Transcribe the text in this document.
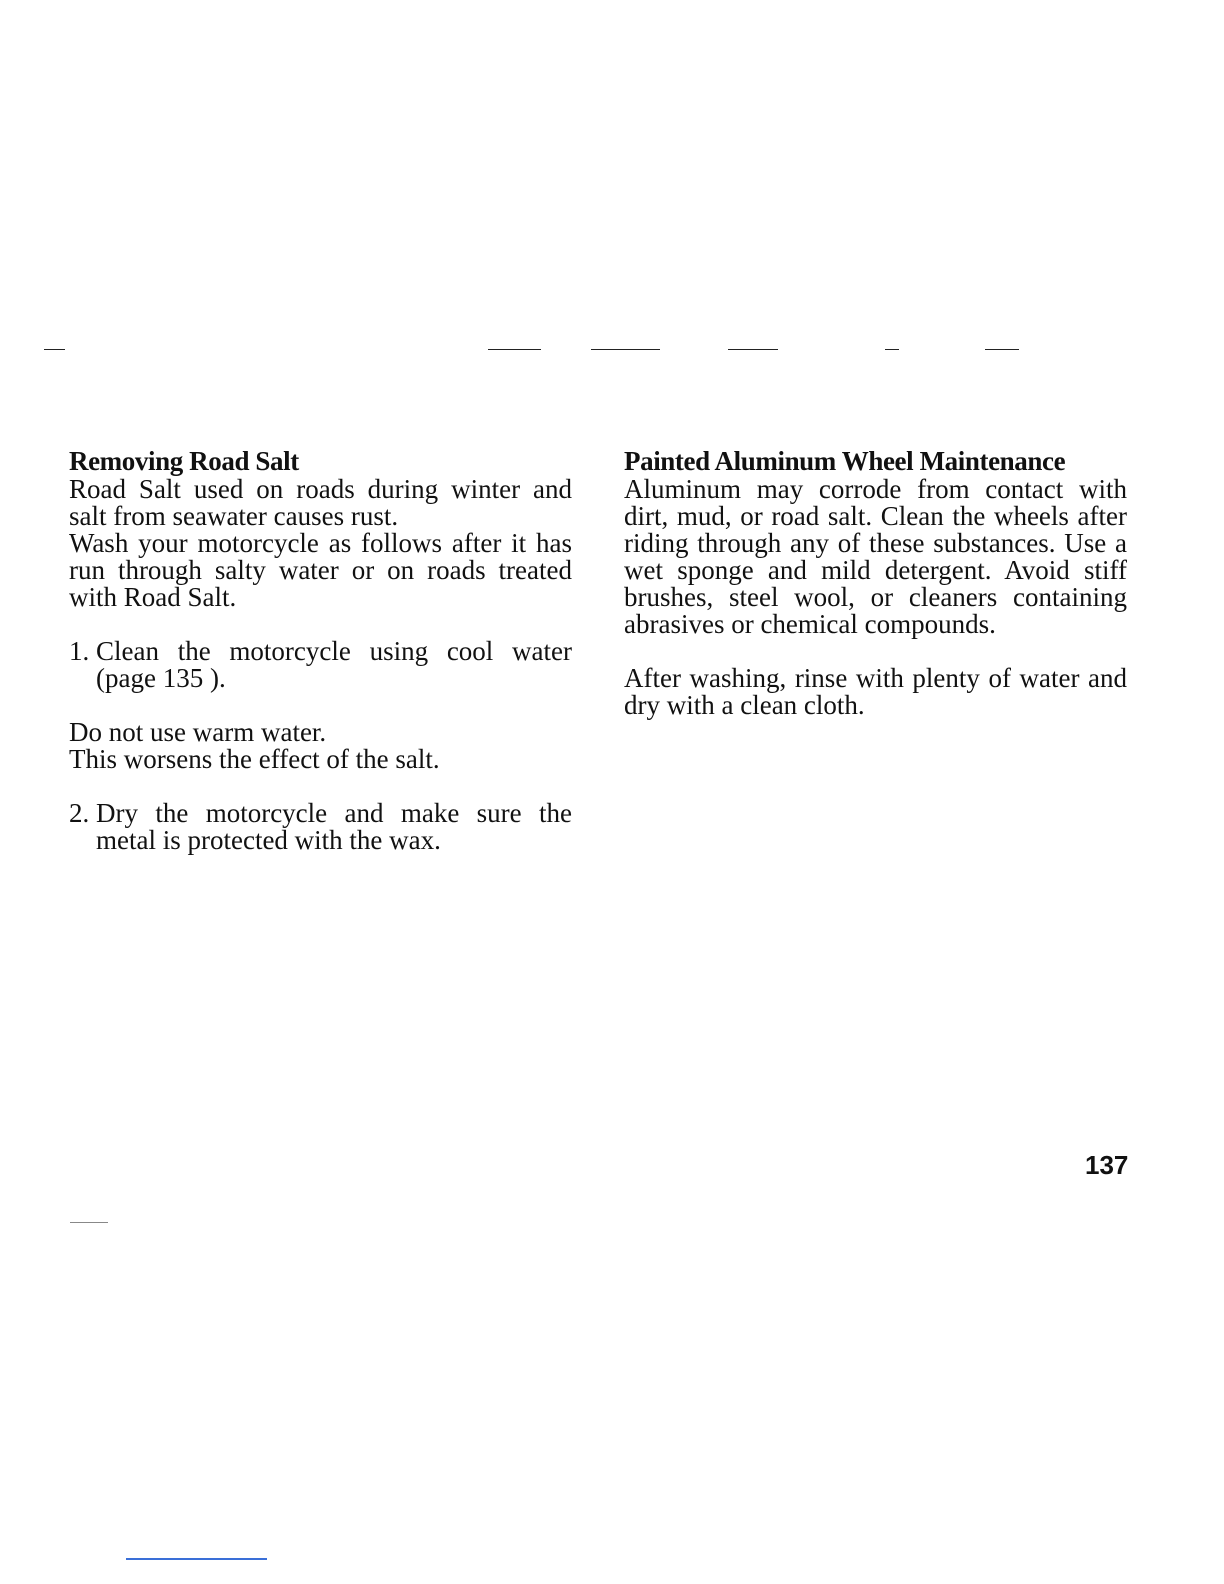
Removing Road Salt

Road Salt used on roads during winter and salt from seawater causes rust.

Wash your motorcycle as follows after it has run through salty water or on roads treated with Road Salt.

1. Clean the motorcycle using cool water (page 135 ).

Do not use warm water.

This worsens the effect of the salt.

2. Dry the motorcycle and make sure the metal is protected with the wax.
Painted Aluminum Wheel Maintenance

Aluminum may corrode from contact with dirt, mud, or road salt. Clean the wheels after riding through any of these substances. Use a wet sponge and mild detergent. Avoid stiff brushes, steel wool, or cleaners containing abrasives or chemical compounds.

After washing, rinse with plenty of water and dry with a clean cloth.

137
